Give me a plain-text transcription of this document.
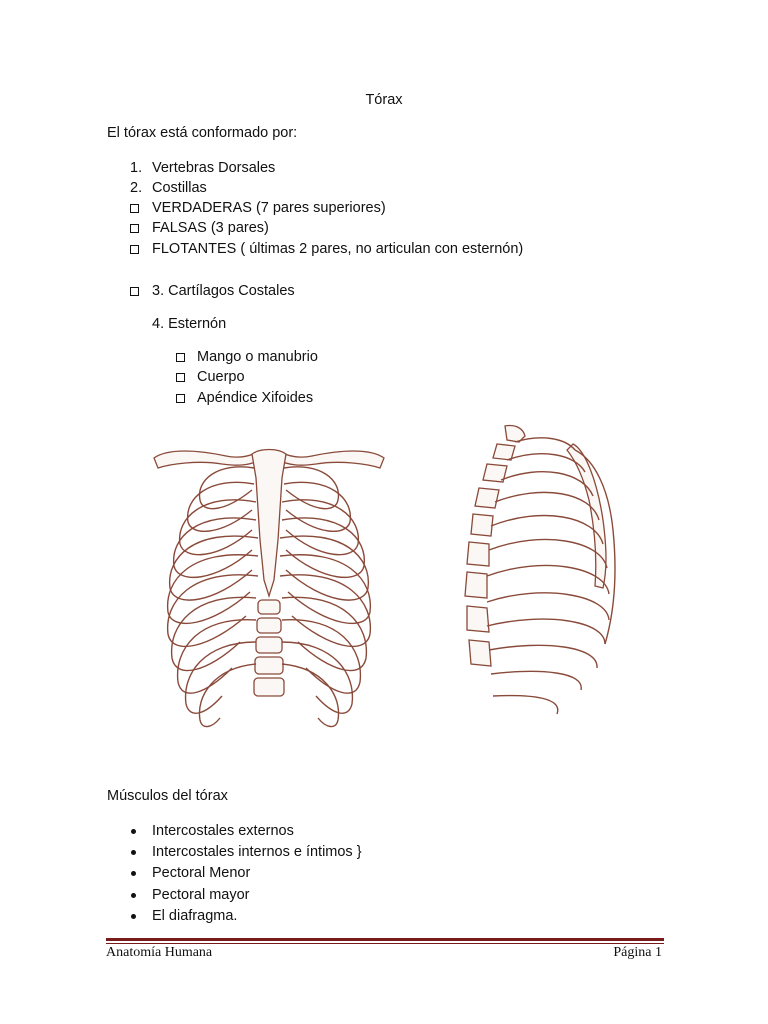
Tórax
El tórax está conformado por:
1. Vertebras Dorsales
2. Costillas
VERDADERAS (7 pares superiores)
FALSAS (3 pares)
FLOTANTES ( últimas 2 pares, no articulan con esternón)
3. Cartílagos Costales
4. Esternón
Mango o manubrio
Cuerpo
Apéndice Xifoides
Músculos del tórax
Intercostales externos
Intercostales internos e íntimos }
Pectoral Menor
Pectoral mayor
El diafragma.
Anatomía Humana	Página 1
